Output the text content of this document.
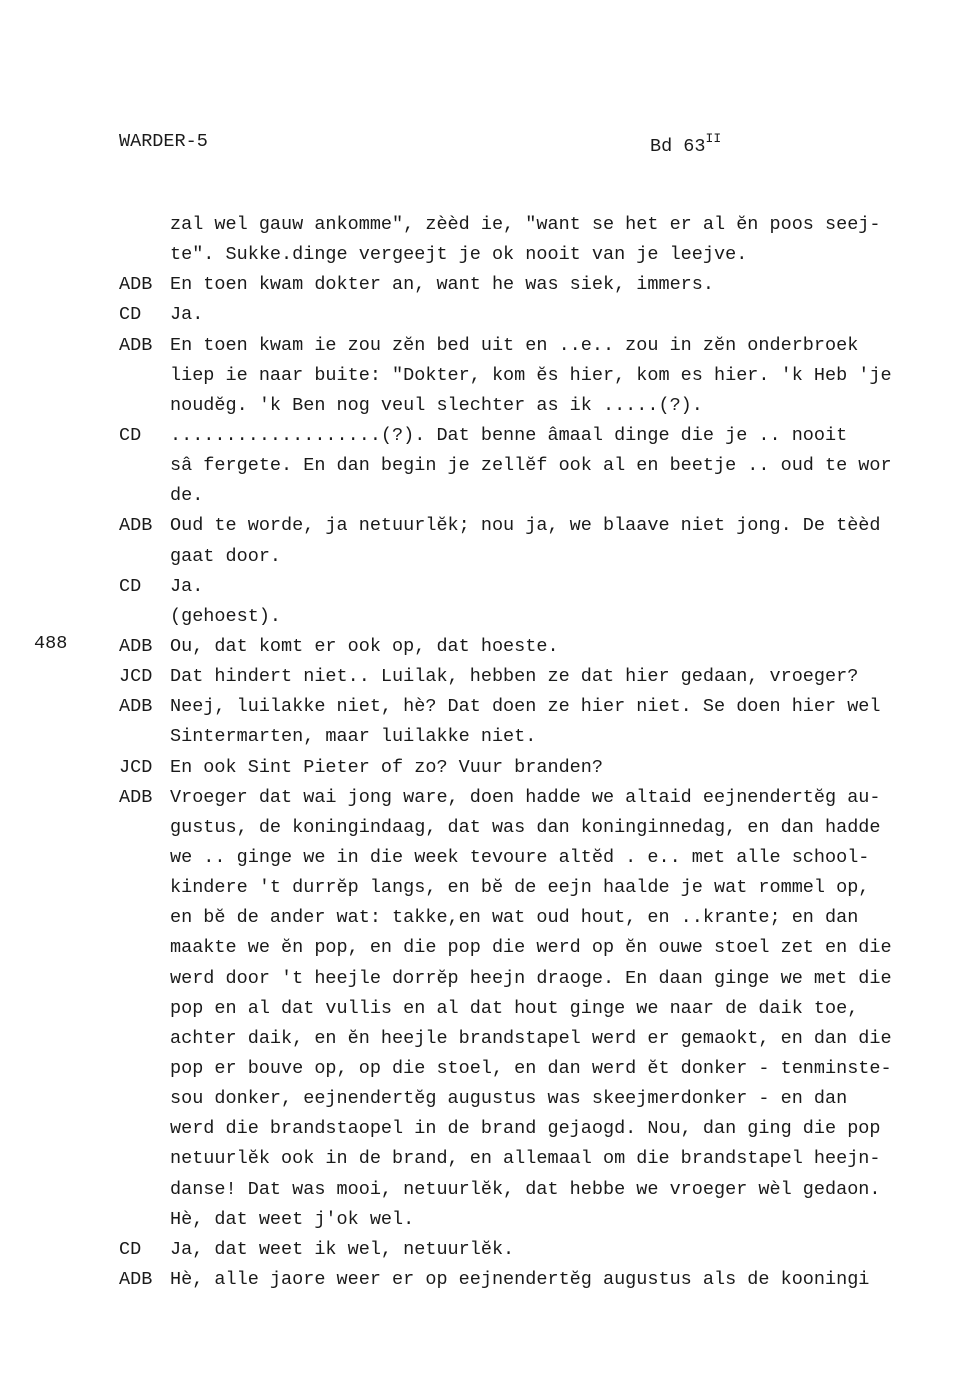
WARDER-5	Bd $63^{II}$
488
zal wel gauw ankomme", zèèd ie, "want se het er al ĕn poos seej-
te". Sukke.dinge vergeejt je ok nooit van je leejve.
ADB En toen kwam dokter an, want he was siek, immers.
CD	Ja.
ADB En toen kwam ie zou zĕn bed uit en ..e.. zou in zĕn onderbroek
liep ie naar buite: "Dokter, kom ĕs hier, kom es hier. 'k Heb 'je
noudĕg. 'k Ben nog veul slechter as ik .....(?).
CD	...................(?). Dat benne âmaal dinge die je .. nooit
sâ fergete. En dan begin je zellĕf ook al en beetje .. oud te wor
de.
ADB Oud te worde, ja netuurlĕk; nou ja, we blaave niet jong. De tèèd
gaat door.
CD	Ja.
(gehoest).
ADB Ou, dat komt er ook op, dat hoeste.
JCD Dat hindert niet.. Luilak, hebben ze dat hier gedaan, vroeger?
ADB Neej, luilakke niet, hè? Dat doen ze hier niet. Se doen hier wel
Sintermarten, maar luilakke niet.
JCD En ook Sint Pieter of zo? Vuur branden?
ADB Vroeger dat wai jong ware, doen hadde we altaid eejnendertĕg au-
gustus, de koningindaag, dat was dan koninginnedag, en dan hadde
we .. ginge we in die week tevoure altĕd . e.. met alle school-
kindere 't durrĕp langs, en bĕ de eejn haalde je wat rommel op,
en bĕ de ander wat: takke,en wat oud hout, en ..krante; en dan
maakte we ĕn pop, en die pop die werd op ĕn ouwe stoel zet en die
werd door 't heejle dorrĕp heejn draoge. En daan ginge we met die
pop en al dat vullis en al dat hout ginge we naar de daik toe,
achter daik, en ĕn heejle brandstapel werd er gemaokt, en dan die
pop er bouve op, op die stoel, en dan werd ĕt donker - tenminste-
sou donker, eejnendertĕg augustus was skeejmerdonker - en dan
werd die brandstaopel in de brand gejaogd. Nou, dan ging die pop
netuurlĕk ook in de brand, en allemaal om die brandstapel heejn-
danse! Dat was mooi, netuurlĕk, dat hebbe we vroeger wèl gedaon.
Hè, dat weet j'ok wel.
CD	Ja, dat weet ik wel, netuurlĕk.
ADB Hè, alle jaore weer er op eejnendertĕg augustus als de kooningi
